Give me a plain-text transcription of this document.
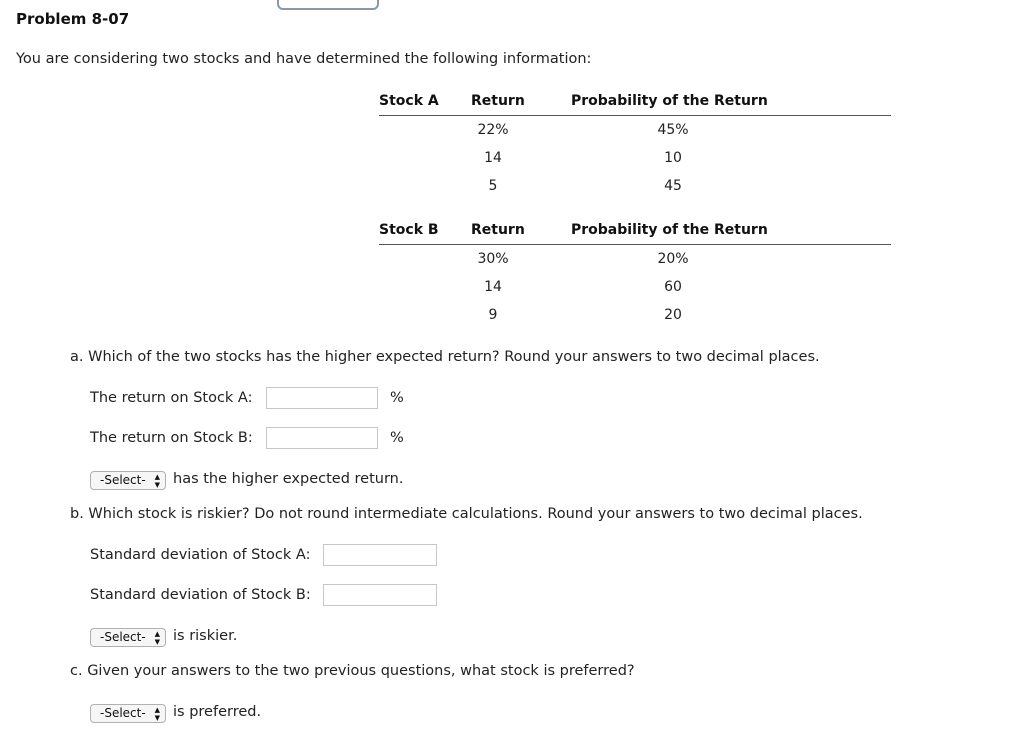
Problem 8-07
You are considering two stocks and have determined the following information:
Stock A	Return	Probability of the Return
	22%	45%
	14	10
	5	45
Stock B	Return	Probability of the Return
	30%	20%
	14	60
	9	20
a. Which of the two stocks has the higher expected return? Round your answers to two decimal places.
The return on Stock A:	%
The return on Stock B:	%
-Select- ▲
▼ has the higher expected return.
b. Which stock is riskier? Do not round intermediate calculations. Round your answers to two decimal places.
Standard deviation of Stock A:
Standard deviation of Stock B:
-Select- ▲
▼ is riskier.
c. Given your answers to the two previous questions, what stock is preferred?
-Select- ▲
▼ is preferred.
